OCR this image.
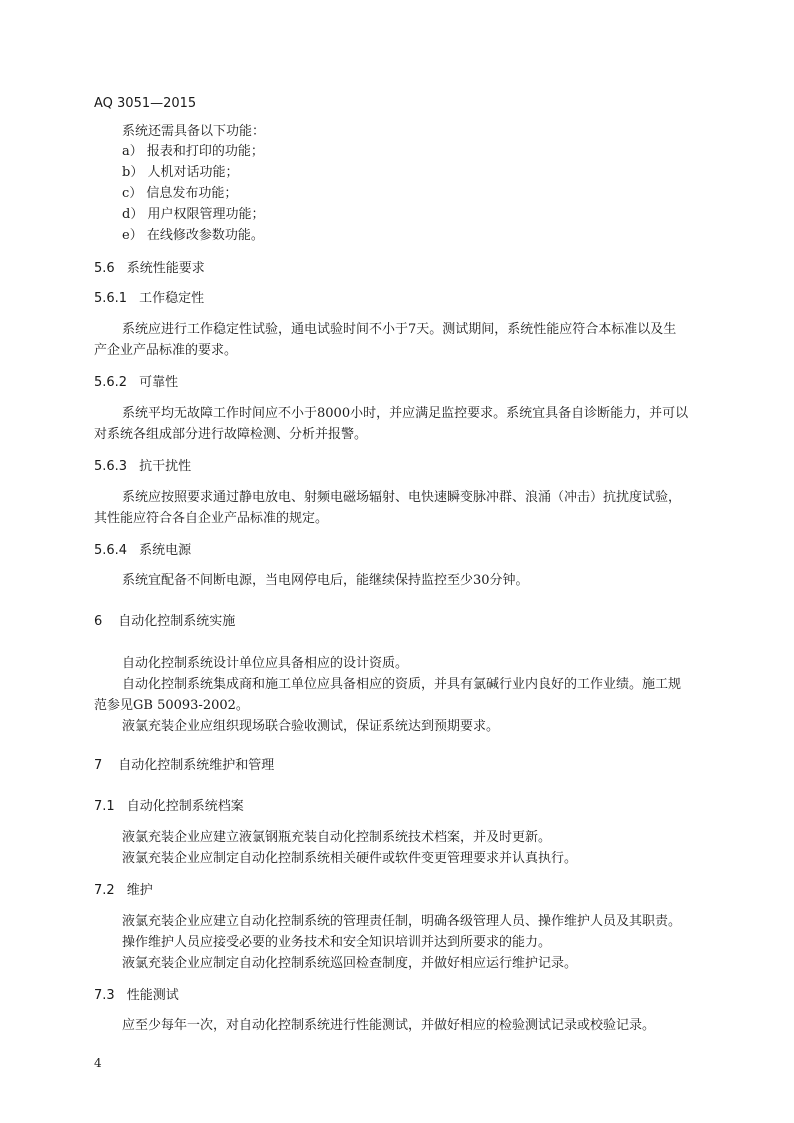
AQ 3051—2015
系统还需具备以下功能：
a） 报表和打印的功能；
b） 人机对话功能；
c） 信息发布功能；
d） 用户权限管理功能；
e） 在线修改参数功能。
5.6 系统性能要求
5.6.1 工作稳定性
系统应进行工作稳定性试验，通电试验时间不小于7天。测试期间，系统性能应符合本标准以及生
产企业产品标准的要求。
5.6.2 可靠性
系统平均无故障工作时间应不小于8000小时，并应满足监控要求。系统宜具备自诊断能力，并可以
对系统各组成部分进行故障检测、分析并报警。
5.6.3 抗干扰性
系统应按照要求通过静电放电、射频电磁场辐射、电快速瞬变脉冲群、浪涌（冲击）抗扰度试验，
其性能应符合各自企业产品标准的规定。
5.6.4 系统电源
系统宜配备不间断电源，当电网停电后，能继续保持监控至少30分钟。
6 自动化控制系统实施
自动化控制系统设计单位应具备相应的设计资质。
自动化控制系统集成商和施工单位应具备相应的资质，并具有氯碱行业内良好的工作业绩。施工规
范参见GB 50093-2002。
液氯充装企业应组织现场联合验收测试，保证系统达到预期要求。
7 自动化控制系统维护和管理
7.1 自动化控制系统档案
液氯充装企业应建立液氯钢瓶充装自动化控制系统技术档案，并及时更新。
液氯充装企业应制定自动化控制系统相关硬件或软件变更管理要求并认真执行。
7.2 维护
液氯充装企业应建立自动化控制系统的管理责任制，明确各级管理人员、操作维护人员及其职责。
操作维护人员应接受必要的业务技术和安全知识培训并达到所要求的能力。
液氯充装企业应制定自动化控制系统巡回检查制度，并做好相应运行维护记录。
7.3 性能测试
应至少每年一次，对自动化控制系统进行性能测试，并做好相应的检验测试记录或校验记录。
4
